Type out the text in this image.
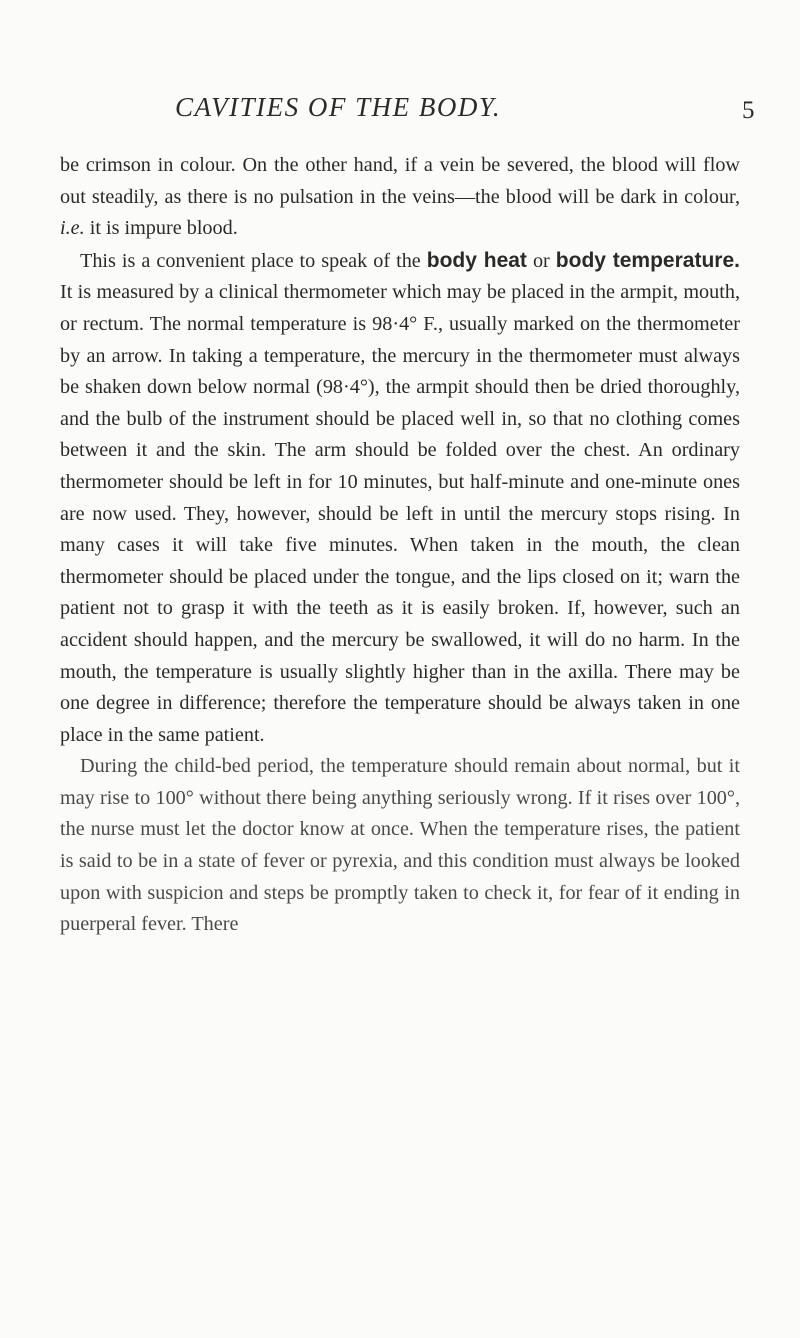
CAVITIES OF THE BODY.	5

be crimson in colour. On the other hand, if a vein be severed, the blood will flow out steadily, as there is no pulsation in the veins—the blood will be dark in colour, i.e. it is impure blood.

This is a convenient place to speak of the body heat or body temperature. It is measured by a clinical thermometer which may be placed in the armpit, mouth, or rectum. The normal temperature is 98·4° F., usually marked on the thermometer by an arrow. In taking a temperature, the mercury in the thermometer must always be shaken down below normal (98·4°), the armpit should then be dried thoroughly, and the bulb of the instrument should be placed well in, so that no clothing comes between it and the skin. The arm should be folded over the chest. An ordinary thermometer should be left in for 10 minutes, but half-minute and one-minute ones are now used. They, however, should be left in until the mercury stops rising. In many cases it will take five minutes. When taken in the mouth, the clean thermometer should be placed under the tongue, and the lips closed on it; warn the patient not to grasp it with the teeth as it is easily broken. If, however, such an accident should happen, and the mercury be swallowed, it will do no harm. In the mouth, the temperature is usually slightly higher than in the axilla. There may be one degree in difference; therefore the temperature should be always taken in one place in the same patient.

During the child-bed period, the temperature should remain about normal, but it may rise to 100° without there being anything seriously wrong. If it rises over 100°, the nurse must let the doctor know at once. When the temperature rises, the patient is said to be in a state of fever or pyrexia, and this condition must always be looked upon with suspicion and steps be promptly taken to check it, for fear of it ending in puerperal fever. There
